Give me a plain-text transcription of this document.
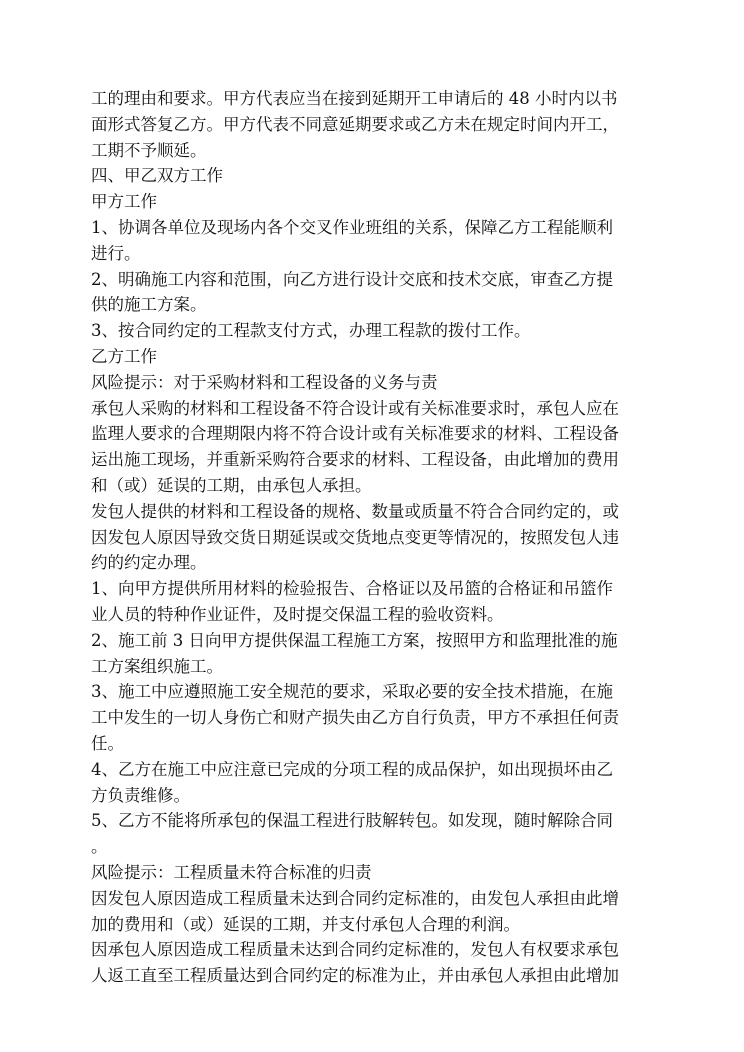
工的理由和要求。甲方代表应当在接到延期开工申请后的 48 小时内以书
面形式答复乙方。甲方代表不同意延期要求或乙方未在规定时间内开工，
工期不予顺延。
四、甲乙双方工作
甲方工作
1、协调各单位及现场内各个交叉作业班组的关系，保障乙方工程能顺利
进行。
2、明确施工内容和范围，向乙方进行设计交底和技术交底，审查乙方提
供的施工方案。
3、按合同约定的工程款支付方式，办理工程款的拨付工作。
乙方工作
风险提示：对于采购材料和工程设备的义务与责
承包人采购的材料和工程设备不符合设计或有关标准要求时，承包人应在
监理人要求的合理期限内将不符合设计或有关标准要求的材料、工程设备
运出施工现场，并重新采购符合要求的材料、工程设备，由此增加的费用
和（或）延误的工期，由承包人承担。
发包人提供的材料和工程设备的规格、数量或质量不符合合同约定的，或
因发包人原因导致交货日期延误或交货地点变更等情况的，按照发包人违
约的约定办理。
1、向甲方提供所用材料的检验报告、合格证以及吊篮的合格证和吊篮作
业人员的特种作业证件，及时提交保温工程的验收资料。
2、施工前 3 日向甲方提供保温工程施工方案，按照甲方和监理批准的施
工方案组织施工。
3、施工中应遵照施工安全规范的要求，采取必要的安全技术措施，在施
工中发生的一切人身伤亡和财产损失由乙方自行负责，甲方不承担任何责
任。
4、乙方在施工中应注意已完成的分项工程的成品保护，如出现损坏由乙
方负责维修。
5、乙方不能将所承包的保温工程进行肢解转包。如发现，随时解除合同
。
风险提示：工程质量未符合标准的归责
因发包人原因造成工程质量未达到合同约定标准的，由发包人承担由此增
加的费用和（或）延误的工期，并支付承包人合理的利润。
因承包人原因造成工程质量未达到合同约定标准的，发包人有权要求承包
人返工直至工程质量达到合同约定的标准为止，并由承包人承担由此增加
